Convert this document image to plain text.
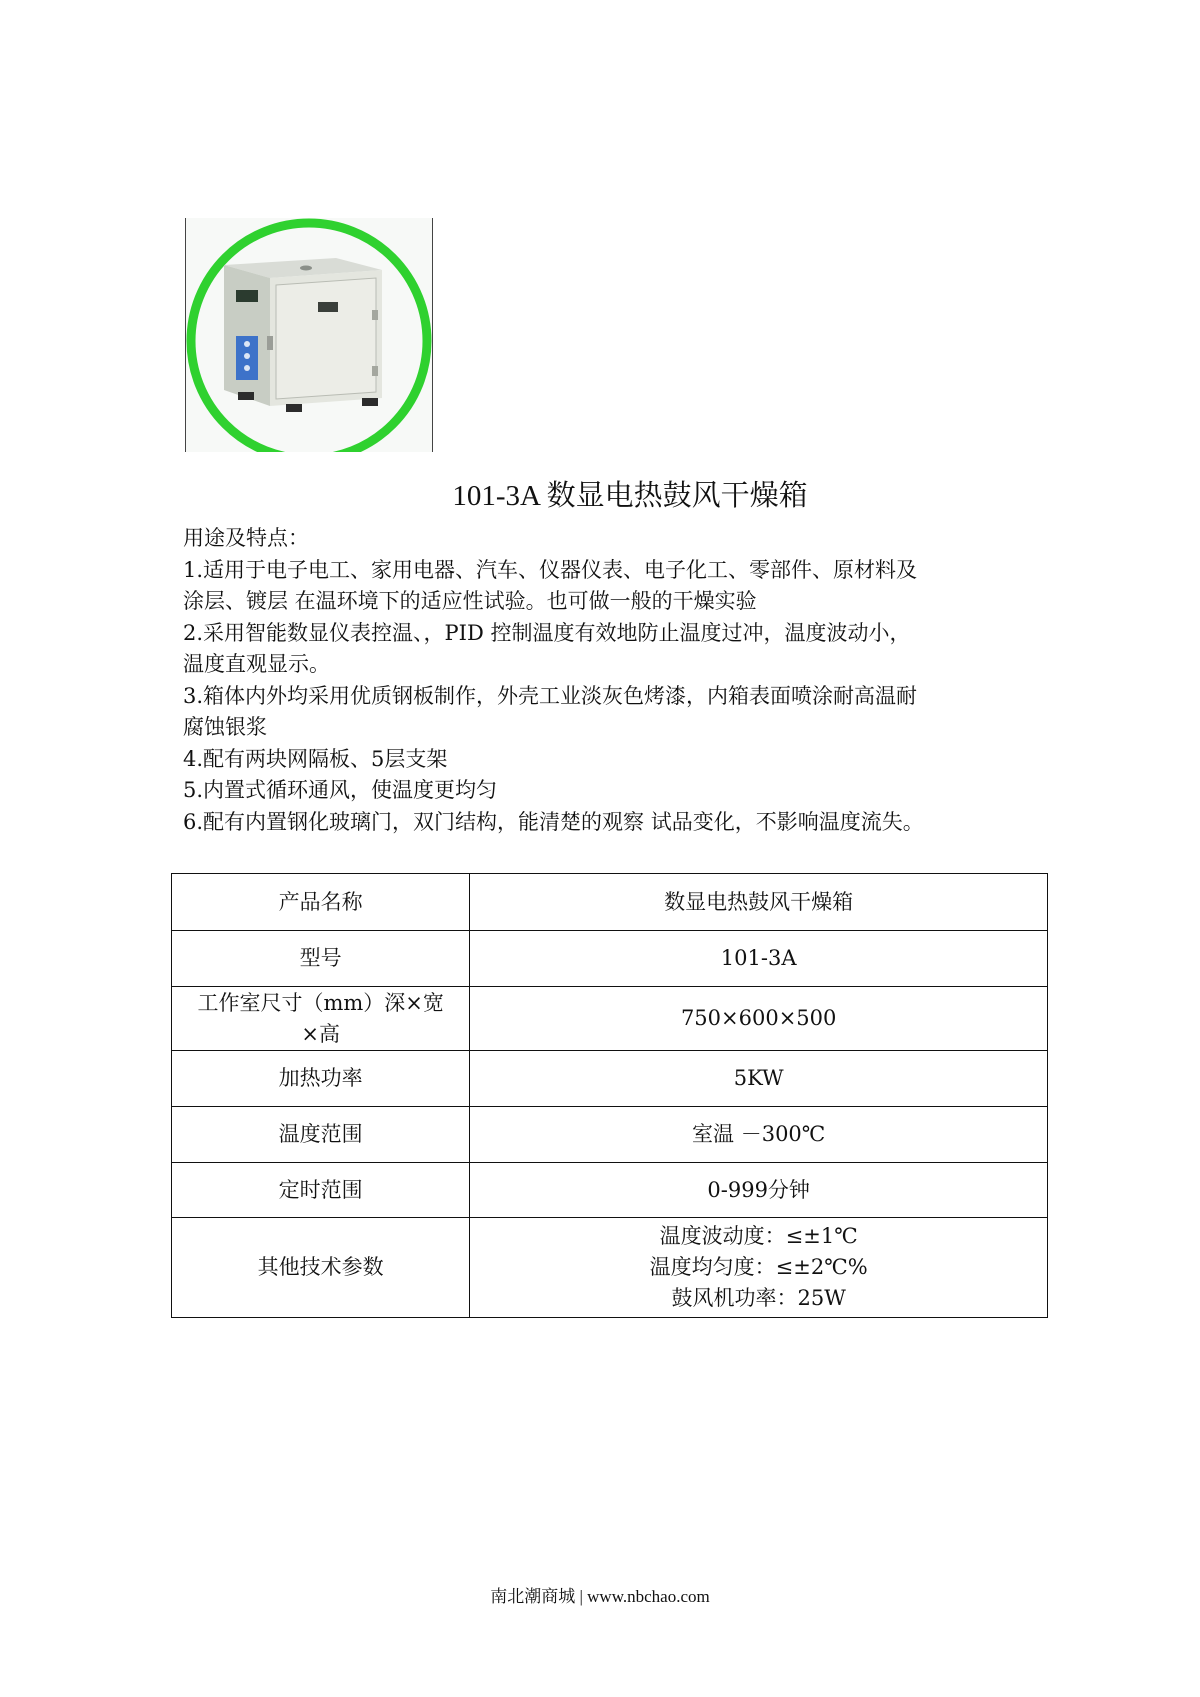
101-3A 数显电热鼓风干燥箱

用途及特点：

1.适用于电子电工、家用电器、汽车、仪器仪表、电子化工、零部件、原材料及

涂层、镀层 在温环境下的适应性试验。也可做一般的干燥实验

2.采用智能数显仪表控温、，PID 控制温度有效地防止温度过冲，温度波动小，

温度直观显示。

3.箱体内外均采用优质钢板制作，外壳工业淡灰色烤漆，内箱表面喷涂耐高温耐

腐蚀银浆

4.配有两块网隔板、5层支架

5.内置式循环通风，使温度更均匀

6.配有内置钢化玻璃门，双门结构，能清楚的观察 试品变化，不影响温度流失。

产品名称	数显电热鼓风干燥箱

型号	101-3A

工作室尺寸（mm）深×宽
×高	750×600×500

加热功率	5KW

温度范围	室温 －300℃

定时范围	0-999分钟

其他技术参数	温度波动度：≤±1℃
温度均匀度：≤±2℃%
鼓风机功率：25W
南北潮商城 | www.nbchao.com
